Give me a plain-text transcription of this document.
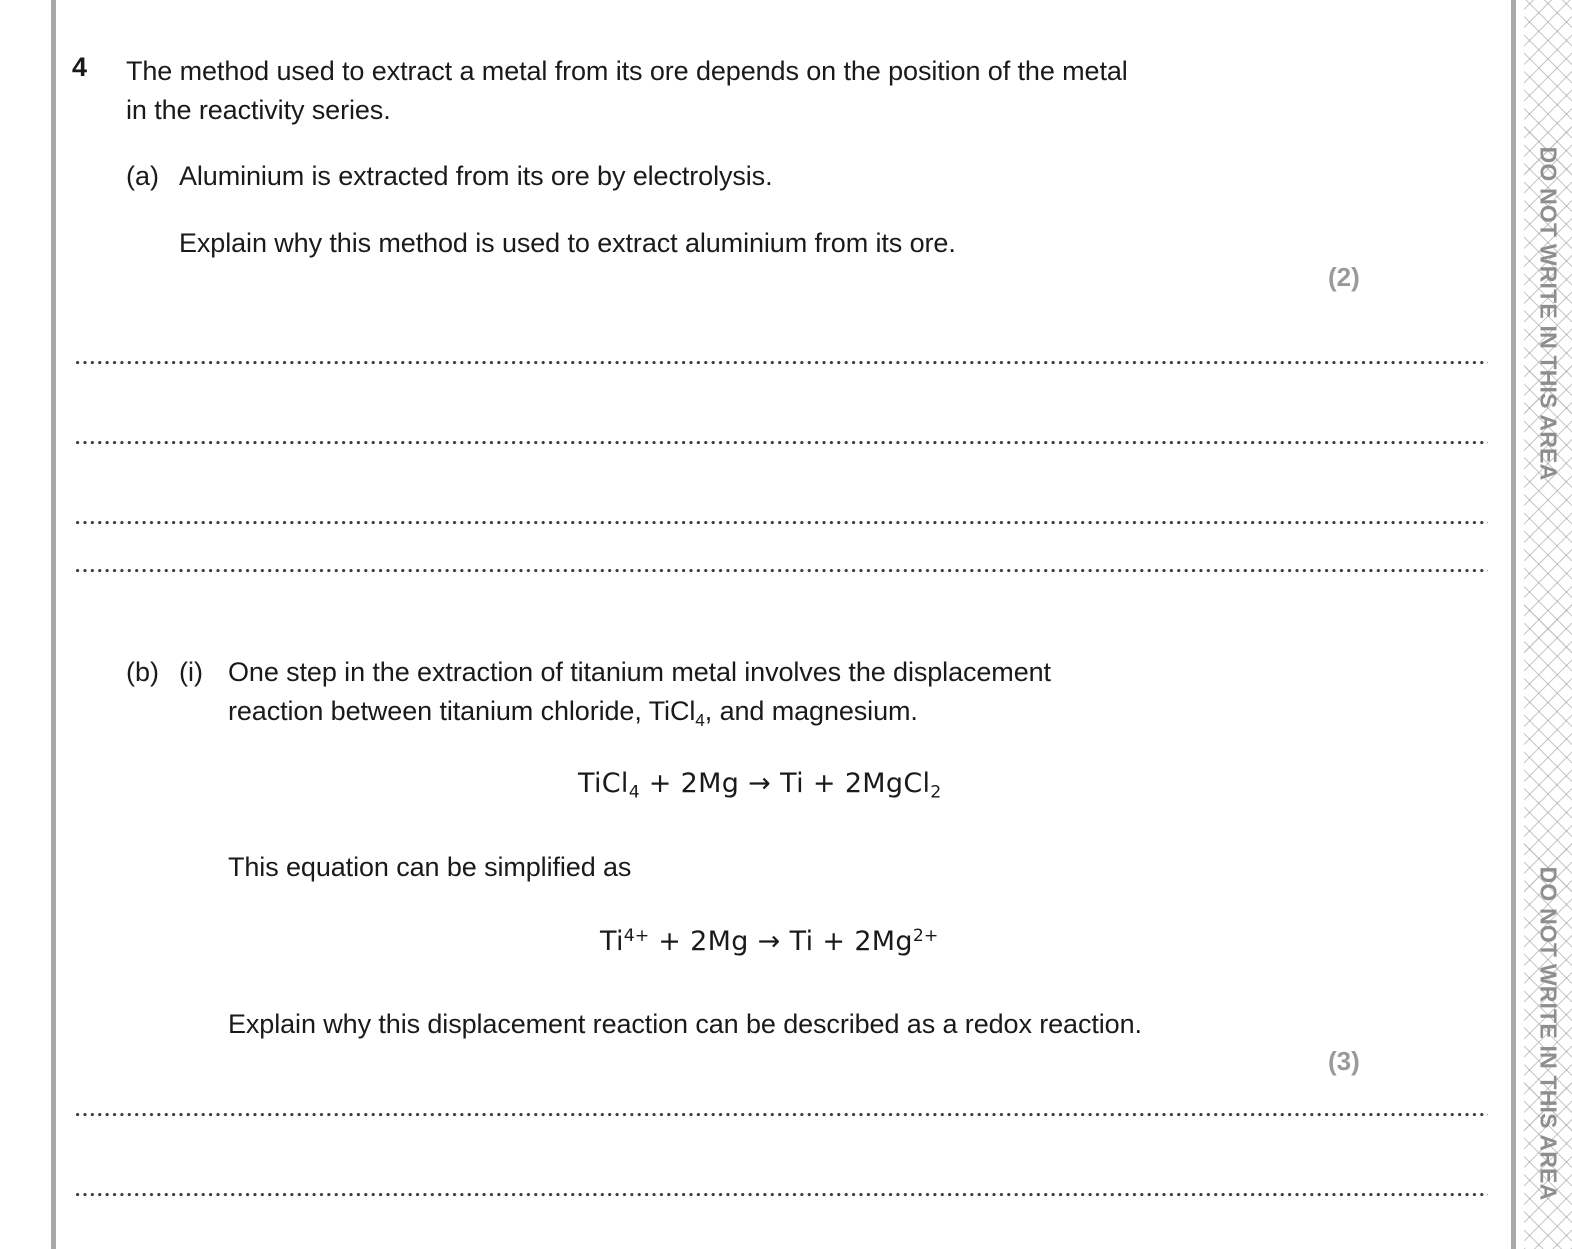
DO NOT WRITE IN THIS AREA
DO NOT WRITE IN THIS AREA
4 The method used to extract a metal from its ore depends on the position of the metal
in the reactivity series.
(a) Aluminium is extracted from its ore by electrolysis.
Explain why this method is used to extract aluminium from its ore.
(2)
(b) (i) One step in the extraction of titanium metal involves the displacement
reaction between titanium chloride, TiCl$_4$, and magnesium.
TiCl$_4$ + 2Mg → Ti + 2MgCl$_2$
This equation can be simplified as
$Ti^{4+} + 2Mg \to Ti + 2Mg^{2+}$
Explain why this displacement reaction can be described as a redox reaction.
(3)
